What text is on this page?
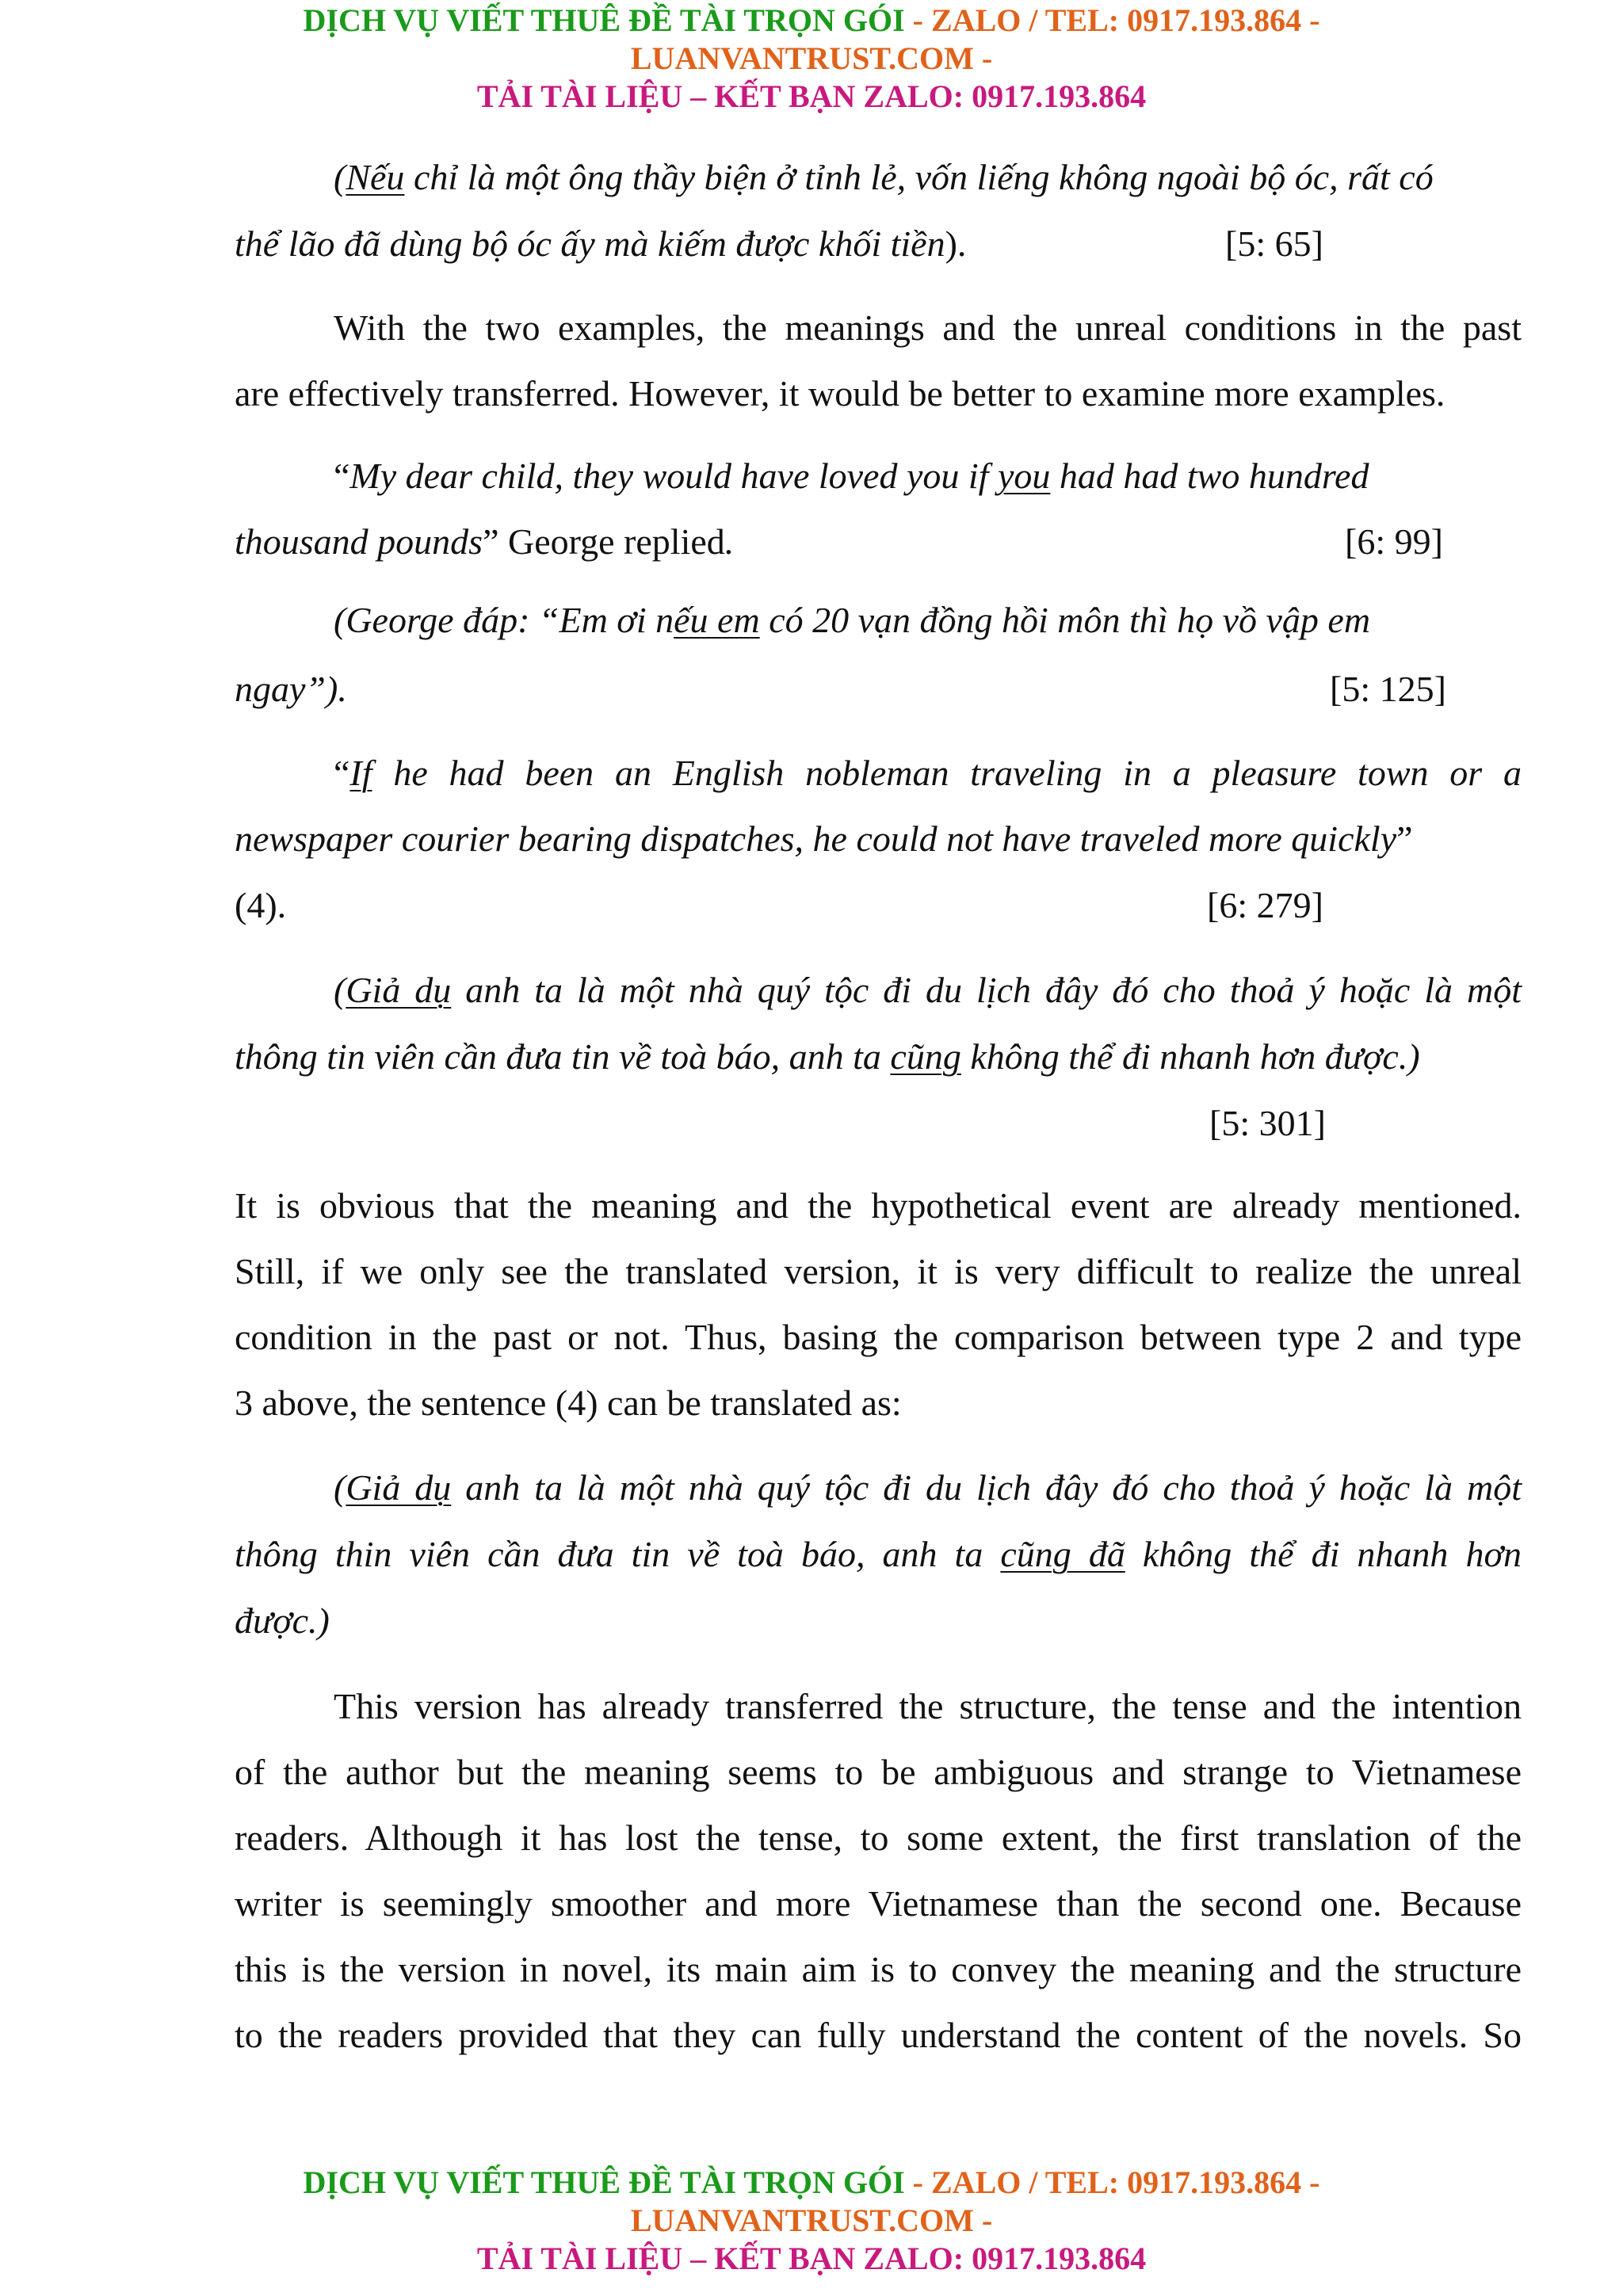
DỊCH VỤ VIẾT THUÊ ĐỀ TÀI TRỌN GÓI - ZALO / TEL: 0917.193.864 -
LUANVANTRUST.COM -
TẢI TÀI LIỆU – KẾT BẠN ZALO: 0917.193.864
(Nếu chỉ là một ông thầy biện ở tỉnh lẻ, vốn liếng không ngoài bộ óc, rất có
thể lão đã dùng bộ óc ấy mà kiếm được khối tiền).	[5: 65]
With the two examples, the meanings and the unreal conditions in the past
are effectively transferred. However, it would be better to examine more examples.
“My dear child, they would have loved you if you had had two hundred
thousand pounds” George replied.	[6: 99]
(George đáp: “Em ơi nếu em có 20 vạn đồng hồi môn thì họ vồ vập em
ngay”).	[5: 125]
“If he had been an English nobleman traveling in a pleasure town or a
newspaper courier bearing dispatches, he could not have traveled more quickly”
(4).	[6: 279]
(Giả dụ anh ta là một nhà quý tộc đi du lịch đây đó cho thoả ý hoặc là một
thông tin viên cần đưa tin về toà báo, anh ta cũng không thể đi nhanh hơn được.)
[5: 301]
It is obvious that the meaning and the hypothetical event are already mentioned.
Still, if we only see the translated version, it is very difficult to realize the unreal
condition in the past or not. Thus, basing the comparison between type 2 and type
3 above, the sentence (4) can be translated as:
(Giả dụ anh ta là một nhà quý tộc đi du lịch đây đó cho thoả ý hoặc là một
thông thin viên cần đưa tin về toà báo, anh ta cũng đã không thể đi nhanh hơn
được.)
This version has already transferred the structure, the tense and the intention
of the author but the meaning seems to be ambiguous and strange to Vietnamese
readers. Although it has lost the tense, to some extent, the first translation of the
writer is seemingly smoother and more Vietnamese than the second one. Because
this is the version in novel, its main aim is to convey the meaning and the structure
to the readers provided that they can fully understand the content of the novels. So
DỊCH VỤ VIẾT THUÊ ĐỀ TÀI TRỌN GÓI - ZALO / TEL: 0917.193.864 -
LUANVANTRUST.COM -
TẢI TÀI LIỆU – KẾT BẠN ZALO: 0917.193.864
